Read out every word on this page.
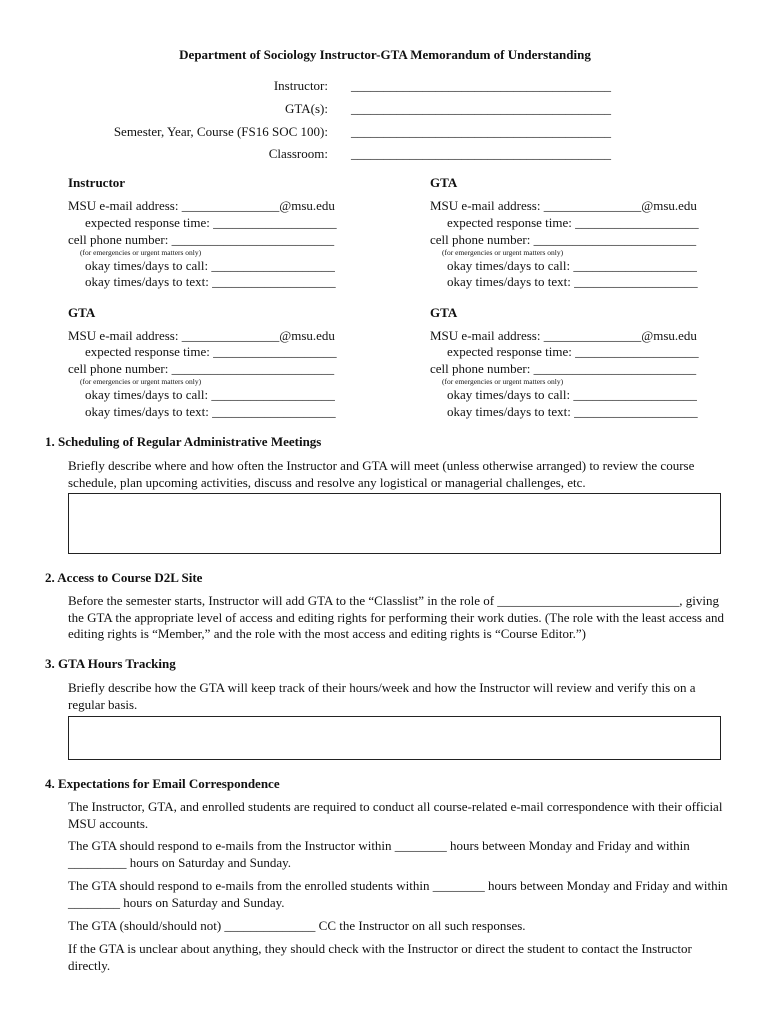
Department of Sociology Instructor-GTA Memorandum of Understanding
Instructor: ________________________________________
GTA(s): ________________________________________
Semester, Year, Course (FS16 SOC 100): ________________________________________
Classroom: ________________________________________
Instructor
MSU e-mail address: _______________@msu.edu
expected response time: ___________________
cell phone number: _________________________
(for emergencies or urgent matters only)
okay times/days to call: ___________________
okay times/days to text: ___________________
GTA
MSU e-mail address: _______________@msu.edu
expected response time: ___________________
cell phone number: _________________________
(for emergencies or urgent matters only)
okay times/days to call: ___________________
okay times/days to text: ___________________
GTA
MSU e-mail address: _______________@msu.edu
expected response time: ___________________
cell phone number: _________________________
(for emergencies or urgent matters only)
okay times/days to call: ___________________
okay times/days to text: ___________________
GTA
MSU e-mail address: _______________@msu.edu
expected response time: ___________________
cell phone number: _________________________
(for emergencies or urgent matters only)
okay times/days to call: ___________________
okay times/days to text: ___________________
1. Scheduling of Regular Administrative Meetings
Briefly describe where and how often the Instructor and GTA will meet (unless otherwise arranged) to review the course schedule, plan upcoming activities, discuss and resolve any logistical or managerial challenges, etc.
2. Access to Course D2L Site
Before the semester starts, Instructor will add GTA to the “Classlist” in the role of ____________________________, giving the GTA the appropriate level of access and editing rights for performing their work duties. (The role with the least access and editing rights is “Member,” and the role with the most access and editing rights is “Course Editor.”)
3. GTA Hours Tracking
Briefly describe how the GTA will keep track of their hours/week and how the Instructor will review and verify this on a regular basis.
4. Expectations for Email Correspondence
The Instructor, GTA, and enrolled students are required to conduct all course-related e-mail correspondence with their official MSU accounts.
The GTA should respond to e-mails from the Instructor within ________ hours between Monday and Friday and within _________ hours on Saturday and Sunday.
The GTA should respond to e-mails from the enrolled students within ________ hours between Monday and Friday and within ________ hours on Saturday and Sunday.
The GTA (should/should not) ______________ CC the Instructor on all such responses.
If the GTA is unclear about anything, they should check with the Instructor or direct the student to contact the Instructor directly.
